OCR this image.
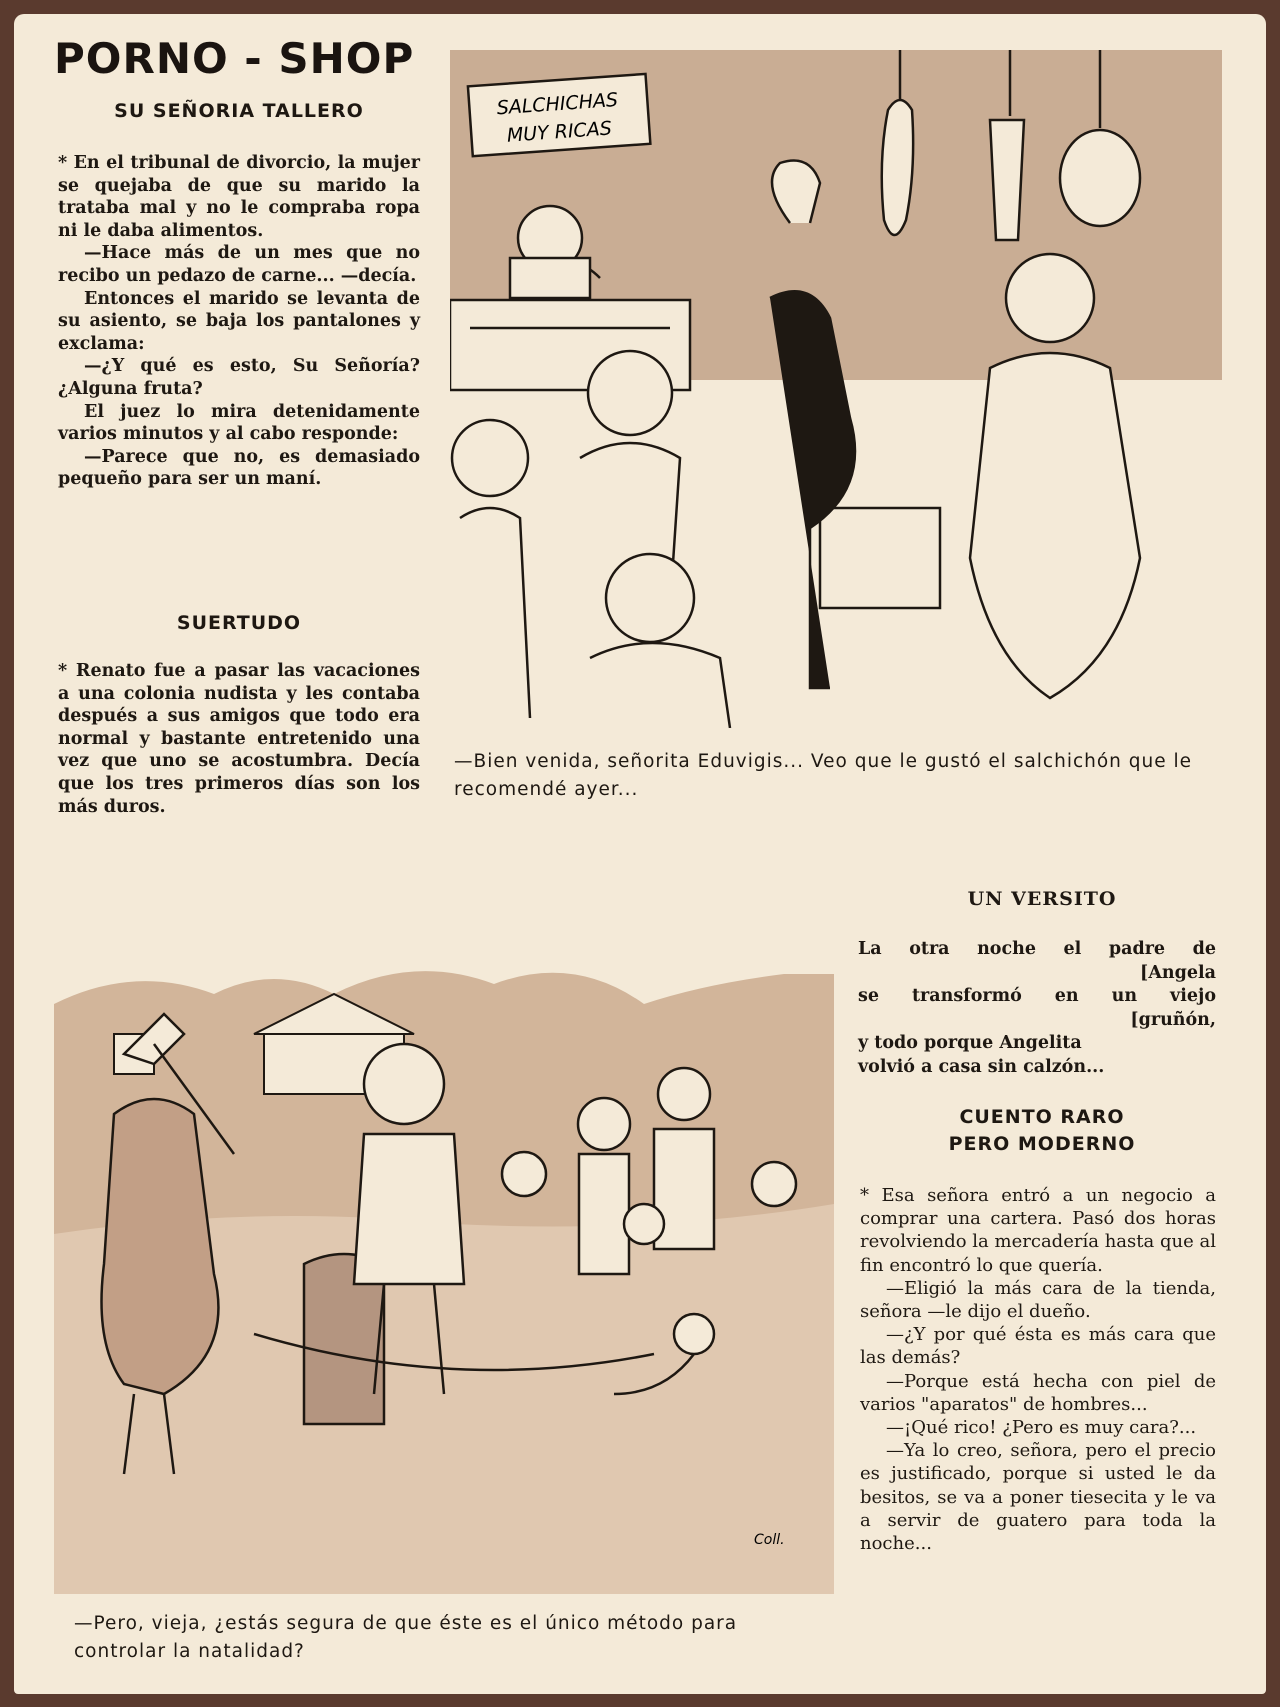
PORNO - SHOP
SU SEÑORIA TALLERO

* En el tribunal de divorcio, la mujer se quejaba de que su marido la trataba mal y no le compraba ropa ni le daba alimentos.

—Hace más de un mes que no recibo un pedazo de carne... —decía.

Entonces el marido se levanta de su asiento, se baja los pantalones y exclama:

—¿Y qué es esto, Su Señoría? ¿Alguna fruta?

El juez lo mira detenidamente varios minutos y al cabo responde:

—Parece que no, es demasiado pequeño para ser un maní.

SUERTUDO

* Renato fue a pasar las vacaciones a una colonia nudista y les contaba después a sus amigos que todo era normal y bastante entretenido una vez que uno se acostumbra. Decía que los tres primeros días son los más duros.

SALCHICHAS
MUY RICAS

—Bien venida, señorita Eduvigis... Veo que le gustó el salchichón que le recomendé ayer...

UN VERSITO

La otra noche el padre de

[Angela

se transformó en un viejo

[gruñón,

y todo porque Angelita

volvió a casa sin calzón...

CUENTO RARO
PERO MODERNO

* Esa señora entró a un negocio a comprar una cartera. Pasó dos horas revolviendo la mercadería hasta que al fin encontró lo que quería.

—Eligió la más cara de la tienda, señora —le dijo el dueño.

—¿Y por qué ésta es más cara que las demás?

—Porque está hecha con piel de varios "aparatos" de hombres...

—¡Qué rico! ¿Pero es muy cara?...

—Ya lo creo, señora, pero el precio es justificado, porque si usted le da besitos, se va a poner tiesecita y le va a servir de guatero para toda la noche...

Coll.

—Pero, vieja, ¿estás segura de que éste es el único método para controlar la natalidad?
